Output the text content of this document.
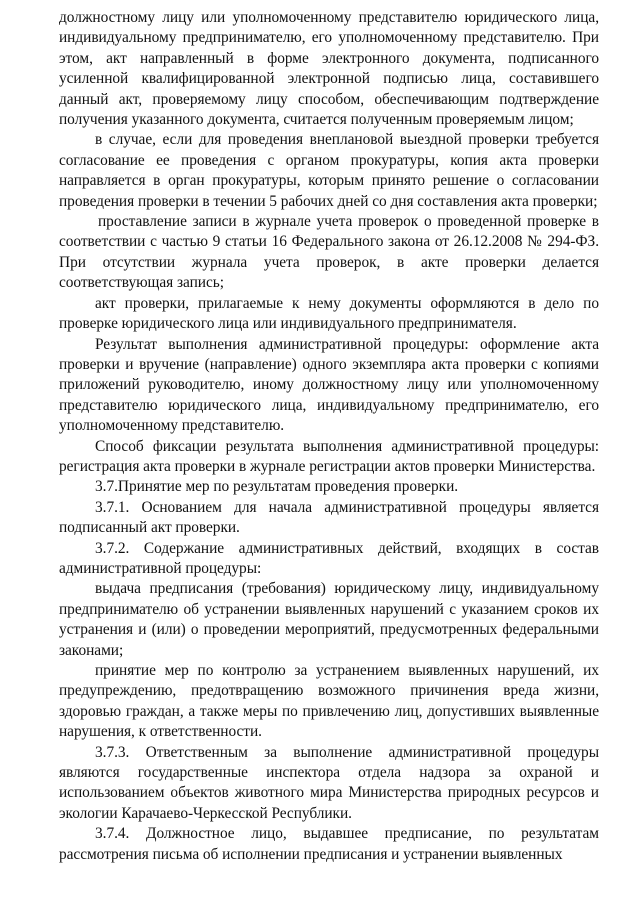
должностному лицу или уполномоченному представителю юридического лица, индивидуальному предпринимателю, его уполномоченному представителю. При этом, акт направленный в форме электронного документа, подписанного усиленной квалифицированной электронной подписью лица, составившего данный акт, проверяемому лицу способом, обеспечивающим подтверждение получения указанного документа, считается полученным проверяемым лицом;

в случае, если для проведения внеплановой выездной проверки требуется согласование ее проведения с органом прокуратуры, копия акта проверки направляется в орган прокуратуры, которым принято решение о согласовании проведения проверки в течении 5 рабочих дней со дня составления акта проверки;

проставление записи в журнале учета проверок о проведенной проверке в соответствии с частью 9 статьи 16 Федерального закона от 26.12.2008 № 294-ФЗ. При отсутствии журнала учета проверок, в акте проверки делается соответствующая запись;

акт проверки, прилагаемые к нему документы оформляются в дело по проверке юридического лица или индивидуального предпринимателя.

Результат выполнения административной процедуры: оформление акта проверки и вручение (направление) одного экземпляра акта проверки с копиями приложений руководителю, иному должностному лицу или уполномоченному представителю юридического лица, индивидуальному предпринимателю, его уполномоченному представителю.

Способ фиксации результата выполнения административной процедуры: регистрация акта проверки в журнале регистрации актов проверки Министерства.

3.7.Принятие мер по результатам проведения проверки.

3.7.1. Основанием для начала административной процедуры является подписанный акт проверки.

3.7.2. Содержание административных действий, входящих в состав административной процедуры:

выдача предписания (требования) юридическому лицу, индивидуальному предпринимателю об устранении выявленных нарушений с указанием сроков их устранения и (или) о проведении мероприятий, предусмотренных федеральными законами;

принятие мер по контролю за устранением выявленных нарушений, их предупреждению, предотвращению возможного причинения вреда жизни, здоровью граждан, а также меры по привлечению лиц, допустивших выявленные нарушения, к ответственности.

3.7.3. Ответственным за выполнение административной процедуры являются государственные инспектора отдела надзора за охраной и использованием объектов животного мира Министерства природных ресурсов и экологии Карачаево-Черкесской Республики.

3.7.4. Должностное лицо, выдавшее предписание, по результатам рассмотрения письма об исполнении предписания и устранении выявленных
